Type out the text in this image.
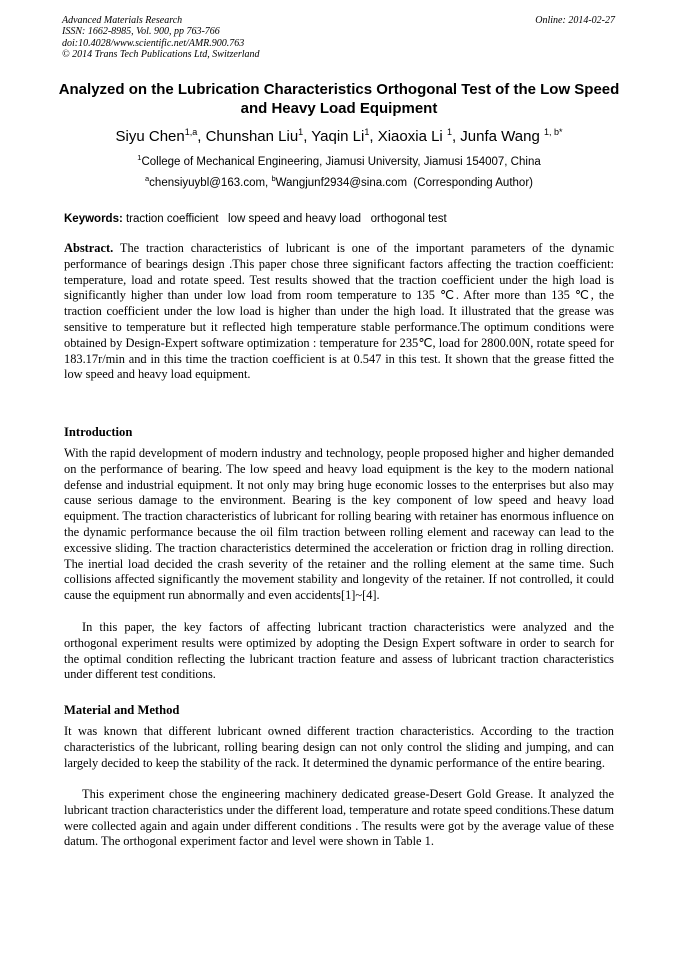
Advanced Materials Research
ISSN: 1662-8985, Vol. 900, pp 763-766
doi:10.4028/www.scientific.net/AMR.900.763
© 2014 Trans Tech Publications Ltd, Switzerland
Online: 2014-02-27
Analyzed on the Lubrication Characteristics Orthogonal Test of the Low Speed and Heavy Load Equipment
Siyu Chen$^{1,a}$, Chunshan Liu$^1$, Yaqin Li$^1$, Xiaoxia Li $^1$, Junfa Wang $^{1, b*}$
$^1$College of Mechanical Engineering, Jiamusi University, Jiamusi 154007, China
$^a$chensiyuybl@163.com, $^b$Wangjunf2934@sina.com  (Corresponding Author)
Keywords: traction coefficient   low speed and heavy load   orthogonal test
Abstract. The traction characteristics of lubricant is one of the important parameters of the dynamic performance of bearings design .This paper chose three significant factors affecting the traction coefficient: temperature, load and rotate speed. Test results showed that the traction coefficient under the high load is significantly higher than under low load from room temperature to 135 ℃. After more than 135 ℃, the traction coefficient under the low load is higher than under the high load. It illustrated that the grease was sensitive to temperature but it reflected high temperature stable performance.The optimum conditions were obtained by Design-Expert software optimization : temperature for 235℃, load for 2800.00N, rotate speed for 183.17r/min and in this time the traction coefficient is at 0.547 in this test. It shown that the grease fitted the low speed and heavy load equipment.
Introduction
With the rapid development of modern industry and technology, people proposed higher and higher demanded on the performance of bearing. The low speed and heavy load equipment is the key to the modern national defense and industrial equipment. It not only may bring huge economic losses to the enterprises but also may cause serious damage to the environment. Bearing is the key component of low speed and heavy load equipment. The traction characteristics of lubricant for rolling bearing with retainer has enormous influence on the dynamic performance because the oil film traction between rolling element and raceway can lead to the excessive sliding. The traction characteristics determined the acceleration or friction drag in rolling direction. The inertial load decided the crash severity of the retainer and the rolling element at the same time. Such collisions affected significantly the movement stability and longevity of the retainer. If not controlled, it could cause the equipment run abnormally and even accidents[1]~[4].
In this paper, the key factors of affecting lubricant traction characteristics were analyzed and the orthogonal experiment results were optimized by adopting the Design Expert software in order to search for the optimal condition reflecting the lubricant traction feature and assess of lubricant traction characteristics under different test conditions.
Material and Method
It was known that different lubricant owned different traction characteristics. According to the traction characteristics of the lubricant, rolling bearing design can not only control the sliding and jumping, and can largely decided to keep the stability of the rack. It determined the dynamic performance of the entire bearing.
This experiment chose the engineering machinery dedicated grease-Desert Gold Grease. It analyzed the lubricant traction characteristics under the different load, temperature and rotate speed conditions.These datum were collected again and again under different conditions . The results were got by the average value of these datum. The orthogonal experiment factor and level were shown in Table 1.
